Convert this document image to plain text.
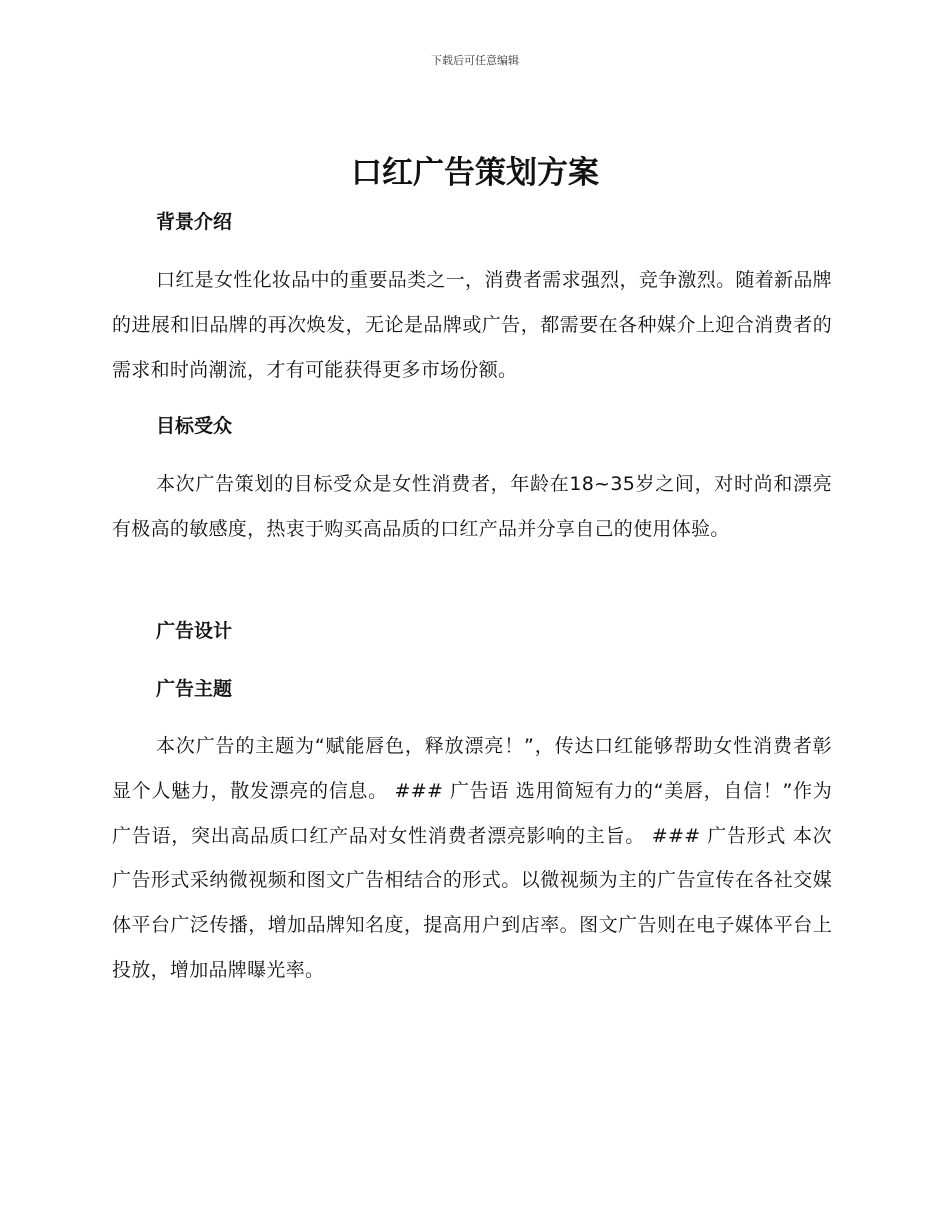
下载后可任意编辑
口红广告策划方案
背景介绍

口红是女性化妆品中的重要品类之一，消费者需求强烈，竞争激烈。随着新品牌的进展和旧品牌的再次焕发，无论是品牌或广告，都需要在各种媒介上迎合消费者的需求和时尚潮流，才有可能获得更多市场份额。

目标受众

本次广告策划的目标受众是女性消费者，年龄在18~35岁之间，对时尚和漂亮有极高的敏感度，热衷于购买高品质的口红产品并分享自己的使用体验。

广告设计
广告主题

本次广告的主题为“赋能唇色，释放漂亮！”，传达口红能够帮助女性消费者彰显个人魅力，散发漂亮的信息。 ### 广告语 选用简短有力的“美唇，自信！”作为广告语，突出高品质口红产品对女性消费者漂亮影响的主旨。 ### 广告形式 本次广告形式采纳微视频和图文广告相结合的形式。以微视频为主的广告宣传在各社交媒体平台广泛传播，增加品牌知名度，提高用户到店率。图文广告则在电子媒体平台上投放，增加品牌曝光率。
